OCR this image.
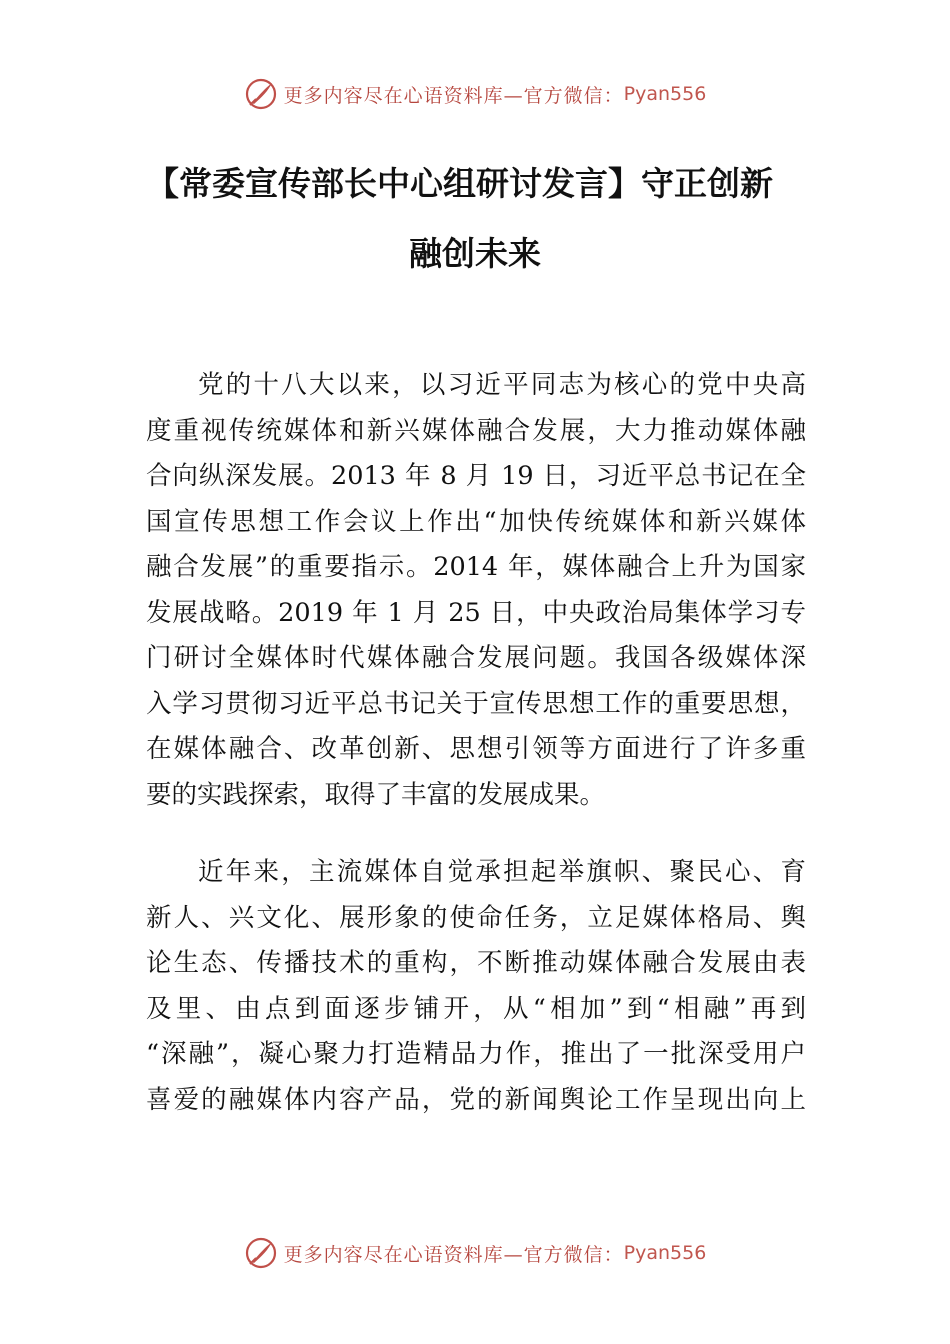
更多内容尽在心语资料库—官方微信： Pyan556
【常委宣传部长中心组研讨发言】守正创新
融创未来
党的十八大以来，以习近平同志为核心的党中央高
度重视传统媒体和新兴媒体融合发展，大力推动媒体融
合向纵深发展。2013 年 8 月 19 日，习近平总书记在全
国宣传思想工作会议上作出“加快传统媒体和新兴媒体
融合发展”的重要指示。2014 年，媒体融合上升为国家
发展战略。2019 年 1 月 25 日，中央政治局集体学习专
门研讨全媒体时代媒体融合发展问题。我国各级媒体深
入学习贯彻习近平总书记关于宣传思想工作的重要思想，
在媒体融合、改革创新、思想引领等方面进行了许多重
要的实践探索，取得了丰富的发展成果。
近年来，主流媒体自觉承担起举旗帜、聚民心、育
新人、兴文化、展形象的使命任务，立足媒体格局、舆
论生态、传播技术的重构，不断推动媒体融合发展由表
及里、由点到面逐步铺开，从“相加”到“相融”再到
“深融”，凝心聚力打造精品力作，推出了一批深受用户
喜爱的融媒体内容产品，党的新闻舆论工作呈现出向上
更多内容尽在心语资料库—官方微信： Pyan556
